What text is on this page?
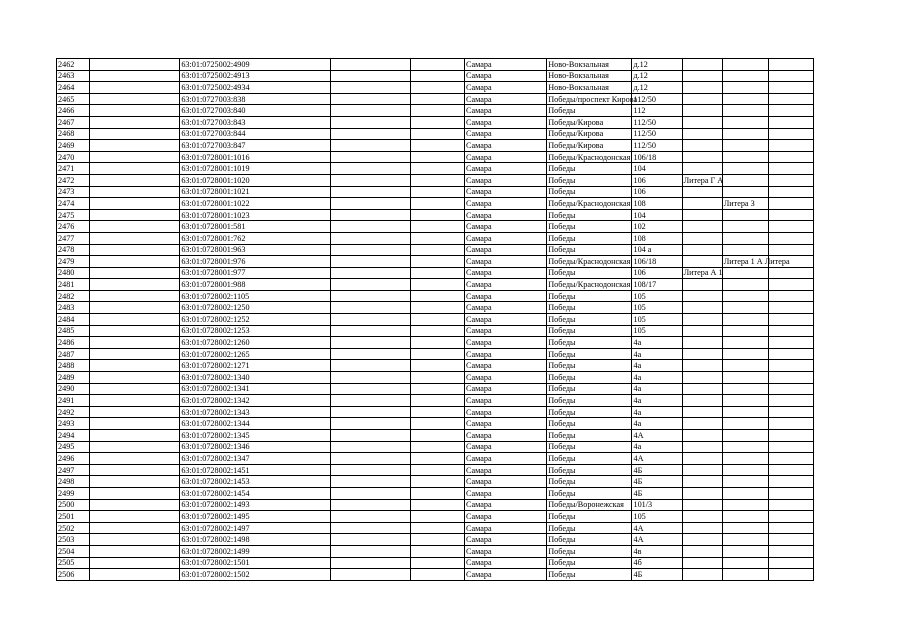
2462		63:01:0725002:4909			Самара	Ново-Вокзальная	д.12			
2463		63:01:0725002:4913			Самара	Ново-Вокзальная	д.12			
2464		63:01:0725002:4934			Самара	Ново-Вокзальная	д.12			
2465		63:01:0727003:838			Самара	Победы/проспект Кирова	112/50			
2466		63:01:0727003:840			Самара	Победы	112			
2467		63:01:0727003:843			Самара	Победы/Кирова	112/50			
2468		63:01:0727003:844			Самара	Победы/Кирова	112/50			
2469		63:01:0727003:847			Самара	Победы/Кирова	112/50			
2470		63:01:0728001:1016			Самара	Победы/Краснодонская	106/18			
2471		63:01:0728001:1019			Самара	Победы	104			
2472		63:01:0728001:1020			Самара	Победы	106	Литера Г А		
2473		63:01:0728001:1021			Самара	Победы	106			
2474		63:01:0728001:1022			Самара	Победы/Краснодонская	108		Литера З	
2475		63:01:0728001:1023			Самара	Победы	104			
2476		63:01:0728001:581			Самара	Победы	102			
2477		63:01:0728001:762			Самара	Победы	108			
2478		63:01:0728001:963			Самара	Победы	104 а			
2479		63:01:0728001:976			Самара	Победы/Краснодонская	106/18		Литера 1 А Литера	
2480		63:01:0728001:977			Самара	Победы	106	Литера А 1		
2481		63:01:0728001:988			Самара	Победы/Краснодонская	108/17			
2482		63:01:0728002:1105			Самара	Победы	105			
2483		63:01:0728002:1250			Самара	Победы	105			
2484		63:01:0728002:1252			Самара	Победы	105			
2485		63:01:0728002:1253			Самара	Победы	105			
2486		63:01:0728002:1260			Самара	Победы	4а			
2487		63:01:0728002:1265			Самара	Победы	4а			
2488		63:01:0728002:1271			Самара	Победы	4а			
2489		63:01:0728002:1340			Самара	Победы	4а			
2490		63:01:0728002:1341			Самара	Победы	4а			
2491		63:01:0728002:1342			Самара	Победы	4а			
2492		63:01:0728002:1343			Самара	Победы	4а			
2493		63:01:0728002:1344			Самара	Победы	4а			
2494		63:01:0728002:1345			Самара	Победы	4А			
2495		63:01:0728002:1346			Самара	Победы	4а			
2496		63:01:0728002:1347			Самара	Победы	4А			
2497		63:01:0728002:1451			Самара	Победы	4Б			
2498		63:01:0728002:1453			Самара	Победы	4Б			
2499		63:01:0728002:1454			Самара	Победы	4Б			
2500		63:01:0728002:1493			Самара	Победы/Воронежская	101/3			
2501		63:01:0728002:1495			Самара	Победы	105			
2502		63:01:0728002:1497			Самара	Победы	4А			
2503		63:01:0728002:1498			Самара	Победы	4А			
2504		63:01:0728002:1499			Самара	Победы	4в			
2505		63:01:0728002:1501			Самара	Победы	4б			
2506		63:01:0728002:1502			Самара	Победы	4Б			
